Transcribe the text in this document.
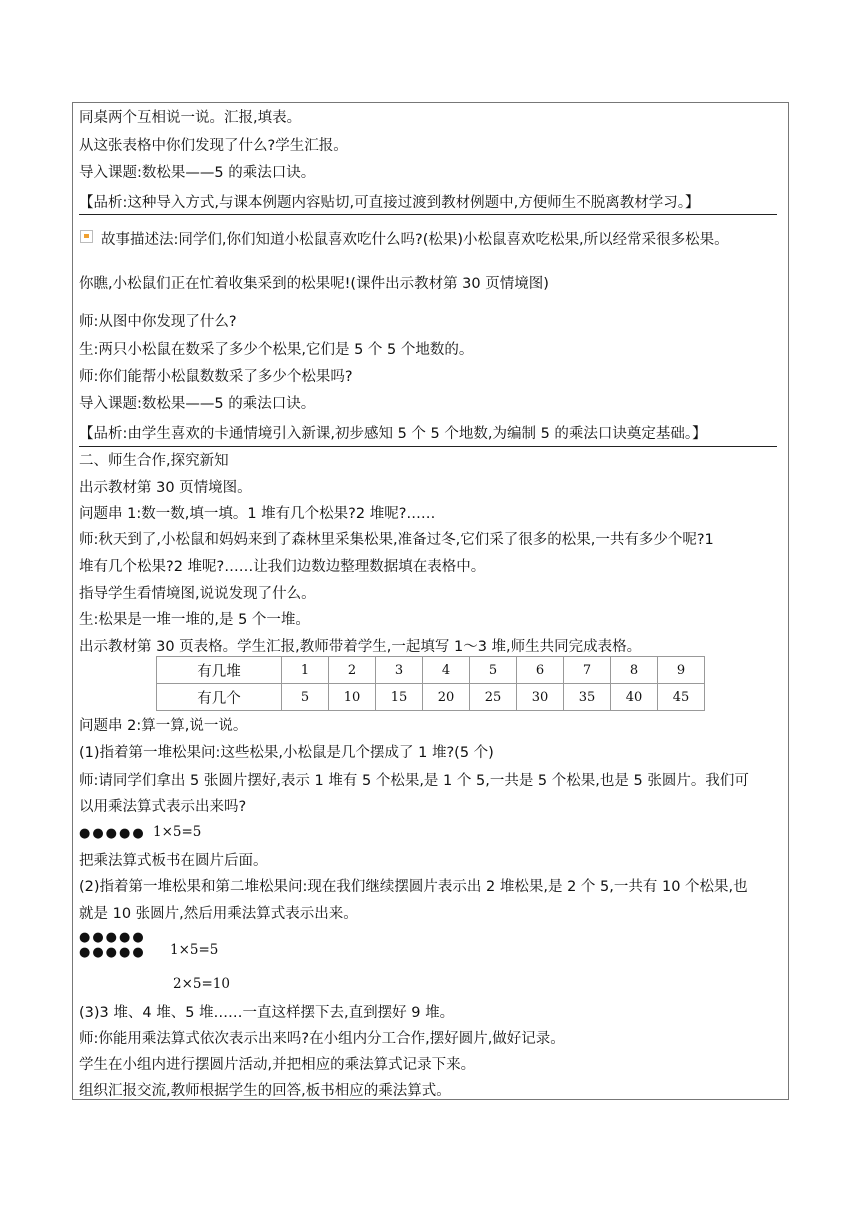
同桌两个互相说一说。汇报,填表。
从这张表格中你们发现了什么?学生汇报。
导入课题:数松果——5 的乘法口诀。
【品析:这种导入方式,与课本例题内容贴切,可直接过渡到教材例题中,方便师生不脱离教材学习。】
故事描述法:同学们,你们知道小松鼠喜欢吃什么吗?(松果)小松鼠喜欢吃松果,所以经常采很多松果。
你瞧,小松鼠们正在忙着收集采到的松果呢!(课件出示教材第 30 页情境图)
师:从图中你发现了什么?
生:两只小松鼠在数采了多少个松果,它们是 5 个 5 个地数的。
师:你们能帮小松鼠数数采了多少个松果吗?
导入课题:数松果——5 的乘法口诀。
【品析:由学生喜欢的卡通情境引入新课,初步感知 5 个 5 个地数,为编制 5 的乘法口诀奠定基础。】
二、师生合作,探究新知
出示教材第 30 页情境图。
问题串 1:数一数,填一填。1 堆有几个松果?2 堆呢?……
师:秋天到了,小松鼠和妈妈来到了森林里采集松果,准备过冬,它们采了很多的松果,一共有多少个呢?1
堆有几个松果?2 堆呢?……让我们边数边整理数据填在表格中。
指导学生看情境图,说说发现了什么。
生:松果是一堆一堆的,是 5 个一堆。
出示教材第 30 页表格。学生汇报,教师带着学生,一起填写 1～3 堆,师生共同完成表格。
有几堆	1	2	3	4	5	6	7	8	9
有几个	5	10	15	20	25	30	35	40	45
问题串 2:算一算,说一说。
(1)指着第一堆松果问:这些松果,小松鼠是几个摆成了 1 堆?(5 个)
师:请同学们拿出 5 张圆片摆好,表示 1 堆有 5 个松果,是 1 个 5,一共是 5 个松果,也是 5 张圆片。我们可
以用乘法算式表示出来吗?
●●●●● 1×5=5
把乘法算式板书在圆片后面。
(2)指着第一堆松果和第二堆松果问:现在我们继续摆圆片表示出 2 堆松果,是 2 个 5,一共有 10 个松果,也
就是 10 张圆片,然后用乘法算式表示出来。
●●●●●
●●●●● 1×5=5
2×5=10
(3)3 堆、4 堆、5 堆……一直这样摆下去,直到摆好 9 堆。
师:你能用乘法算式依次表示出来吗?在小组内分工合作,摆好圆片,做好记录。
学生在小组内进行摆圆片活动,并把相应的乘法算式记录下来。
组织汇报交流,教师根据学生的回答,板书相应的乘法算式。
